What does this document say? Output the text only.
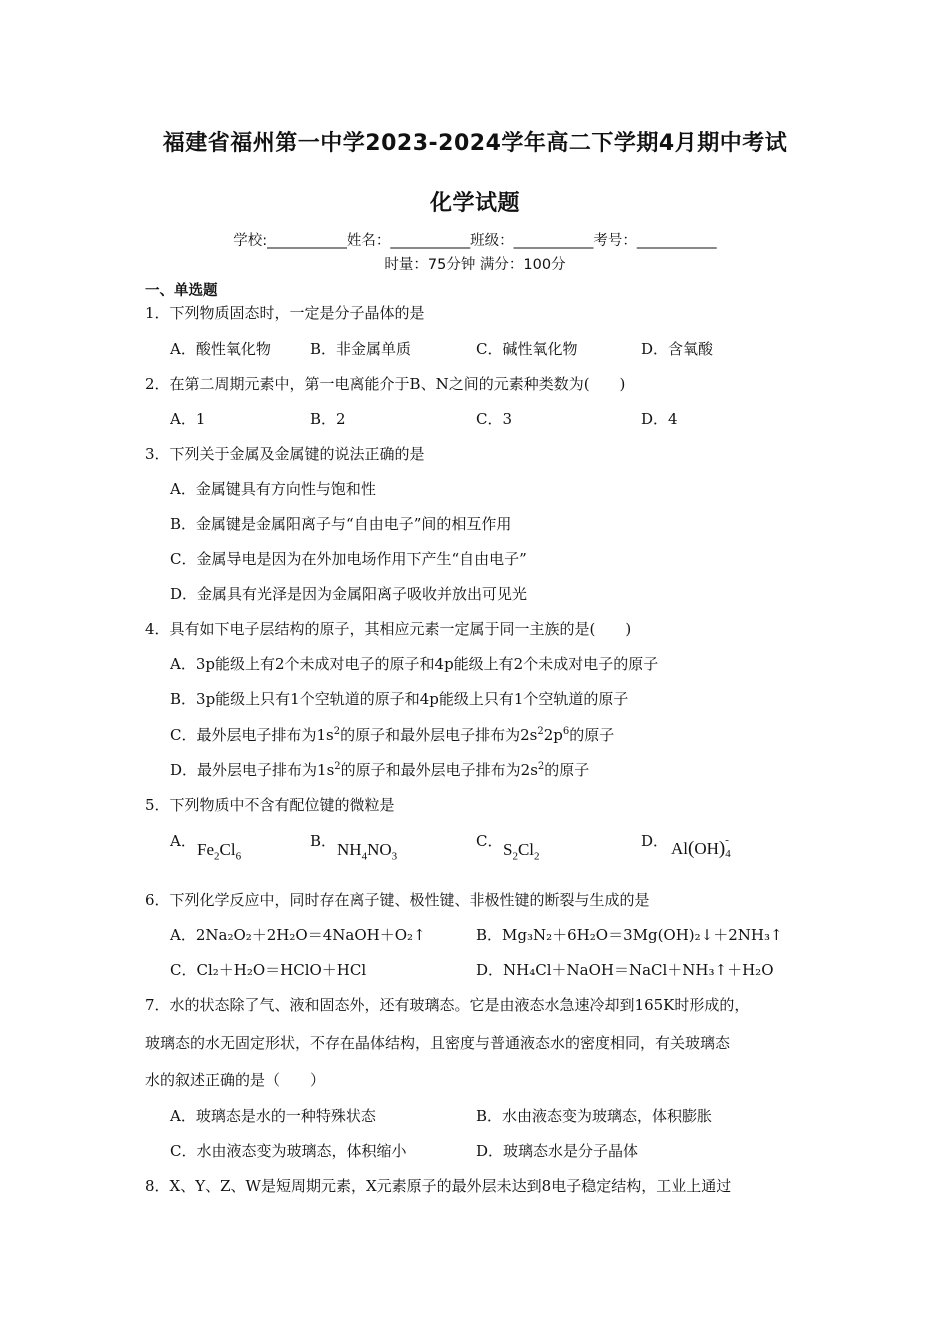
福建省福州第一中学2023-2024学年高二下学期4月期中考试
化学试题
学校:___________姓名：___________班级：___________考号：___________
时量：75分钟 满分：100分
一、单选题
1．下列物质固态时，一定是分子晶体的是
A．酸性氧化物	B．非金属单质	C．碱性氧化物	D．含氧酸
2．在第二周期元素中，第一电离能介于B、N之间的元素种类数为(　　)
A．1	B．2	C．3	D．4
3．下列关于金属及金属键的说法正确的是
A．金属键具有方向性与饱和性
B．金属键是金属阳离子与“自由电子”间的相互作用
C．金属导电是因为在外加电场作用下产生“自由电子”
D．金属具有光泽是因为金属阳离子吸收并放出可见光
4．具有如下电子层结构的原子，其相应元素一定属于同一主族的是(　　)
A．3p能级上有2个未成对电子的原子和4p能级上有2个未成对电子的原子
B．3p能级上只有1个空轨道的原子和4p能级上只有1个空轨道的原子
C．最外层电子排布为$1s^2$的原子和最外层电子排布为$2s^22p^6$的原子
D．最外层电子排布为$1s^2$的原子和最外层电子排布为$2s^2$的原子
5．下列物质中不含有配位键的微粒是
A． $Fe_2Cl_6$
B． $NH_4NO_3$
C． $S_2Cl_2$
D． Al(OH) -
4
6．下列化学反应中，同时存在离子键、极性键、非极性键的断裂与生成的是
A．2Na₂O₂＋2H₂O＝4NaOH＋O₂↑	B．Mg₃N₂＋6H₂O＝3Mg(OH)₂↓＋2NH₃↑
C．Cl₂＋H₂O＝HClO＋HCl	D．NH₄Cl＋NaOH＝NaCl＋NH₃↑＋H₂O
7．水的状态除了气、液和固态外，还有玻璃态。它是由液态水急速冷却到165K时形成的，
玻璃态的水无固定形状，不存在晶体结构，且密度与普通液态水的密度相同，有关玻璃态
水的叙述正确的是（　　）
A．玻璃态是水的一种特殊状态	B．水由液态变为玻璃态，体积膨胀
C．水由液态变为玻璃态，体积缩小	D．玻璃态水是分子晶体
8．X、Y、Z、W是短周期元素，X元素原子的最外层未达到8电子稳定结构，工业上通过
